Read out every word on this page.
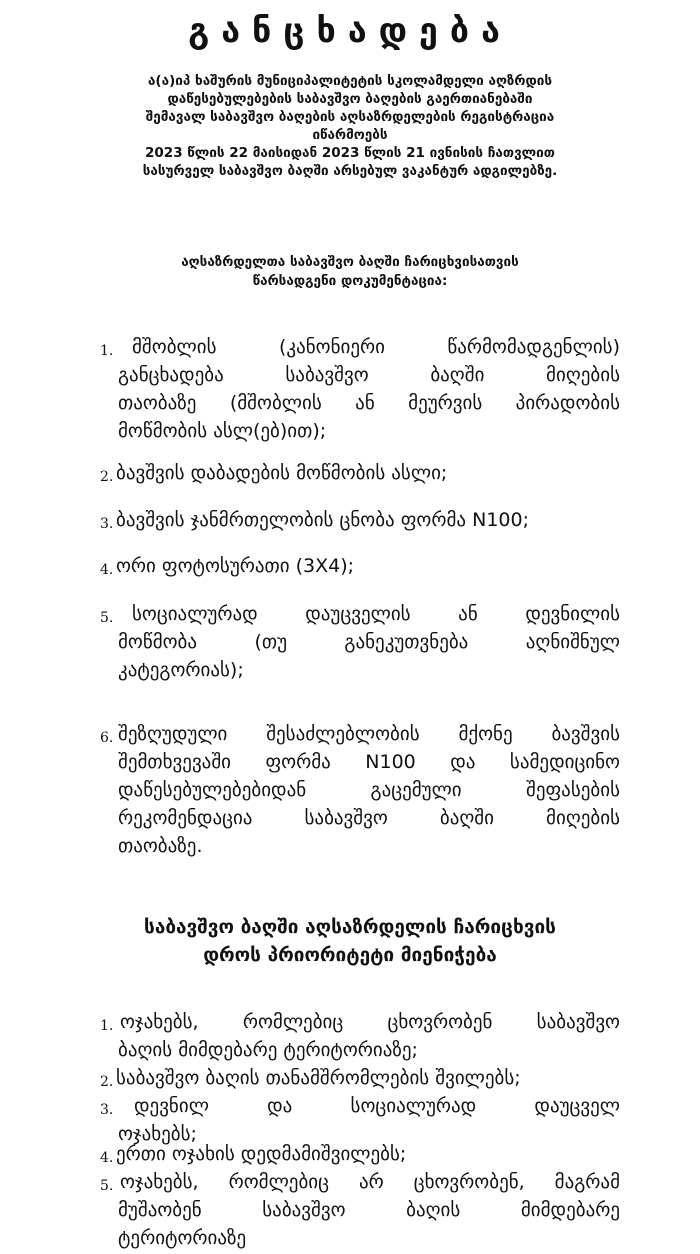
განცხადება
ა(ა)იპ ხაშურის მუნიციპალიტეტის სკოლამდელი აღზრდის
დაწესებულებების საბავშვო ბაღების გაერთიანებაში
შემავალ საბავშვო ბაღების აღსაზრდელების რეგისტრაცია
იწარმოებს
2023 წლის 22 მაისიდან 2023 წლის 21 ივნისის ჩათვლით
სასურველ საბავშვო ბაღში არსებულ ვაკანტურ ადგილებზე.
აღსაზრდელთა საბავშვო ბაღში ჩარიცხვისათვის
წარსადგენი დოკუმენტაცია:
1. მშობლის (კანონიერი წარმომადგენლის)
განცხადება საბავშვო ბაღში მიღების
თაობაზე (მშობლის ან მეურვის პირადობის
მოწმობის ასლ(ებ)ით);
2. ბავშვის დაბადების მოწმობის ასლი;
3. ბავშვის ჯანმრთელობის ცნობა ფორმა N100;
4. ორი ფოტოსურათი (3X4);
5. სოციალურად დაუცველის ან დევნილის
მოწმობა (თუ განეკუთვნება აღნიშნულ
კატეგორიას);
6. შეზღუდული შესაძლებლობის მქონე ბავშვის
შემთხვევაში ფორმა N100 და სამედიცინო
დაწესებულებებიდან გაცემული შეფასების
რეკომენდაცია საბავშვო ბაღში მიღების
თაობაზე.
საბავშვო ბაღში აღსაზრდელის ჩარიცხვის
დროს პრიორიტეტი მიენიჭება
1. ოჯახებს, რომლებიც ცხოვრობენ საბავშვო
ბაღის მიმდებარე ტერიტორიაზე;
2. საბავშვო ბაღის თანამშრომლების შვილებს;
3. დევნილ და სოციალურად დაუცველ
ოჯახებს;
4. ერთი ოჯახის დედმამიშვილებს;
5. ოჯახებს, რომლებიც არ ცხოვრობენ, მაგრამ
მუშაობენ საბავშვო ბაღის მიმდებარე
ტერიტორიაზე
